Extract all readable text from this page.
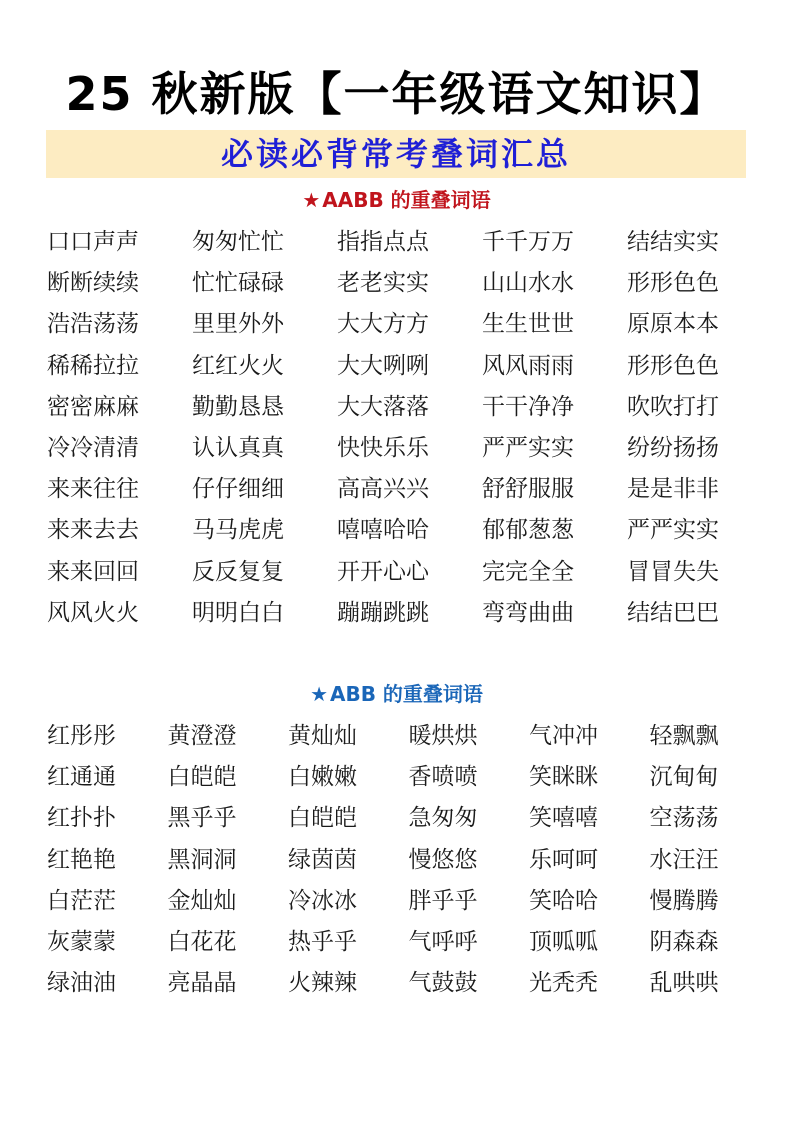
25 秋新版【一年级语文知识】
必读必背常考叠词汇总
★ AABB 的重叠词语
口口声声	匆匆忙忙	指指点点	千千万万	结结实实
断断续续	忙忙碌碌	老老实实	山山水水	形形色色
浩浩荡荡	里里外外	大大方方	生生世世	原原本本
稀稀拉拉	红红火火	大大咧咧	风风雨雨	形形色色
密密麻麻	勤勤恳恳	大大落落	干干净净	吹吹打打
冷冷清清	认认真真	快快乐乐	严严实实	纷纷扬扬
来来往往	仔仔细细	高高兴兴	舒舒服服	是是非非
来来去去	马马虎虎	嘻嘻哈哈	郁郁葱葱	严严实实
来来回回	反反复复	开开心心	完完全全	冒冒失失
风风火火	明明白白	蹦蹦跳跳	弯弯曲曲	结结巴巴
★ ABB 的重叠词语
红彤彤	黄澄澄	黄灿灿	暖烘烘	气冲冲	轻飘飘
红通通	白皑皑	白嫩嫩	香喷喷	笑眯眯	沉甸甸
红扑扑	黑乎乎	白皑皑	急匆匆	笑嘻嘻	空荡荡
红艳艳	黑洞洞	绿茵茵	慢悠悠	乐呵呵	水汪汪
白茫茫	金灿灿	冷冰冰	胖乎乎	笑哈哈	慢腾腾
灰蒙蒙	白花花	热乎乎	气呼呼	顶呱呱	阴森森
绿油油	亮晶晶	火辣辣	气鼓鼓	光秃秃	乱哄哄
